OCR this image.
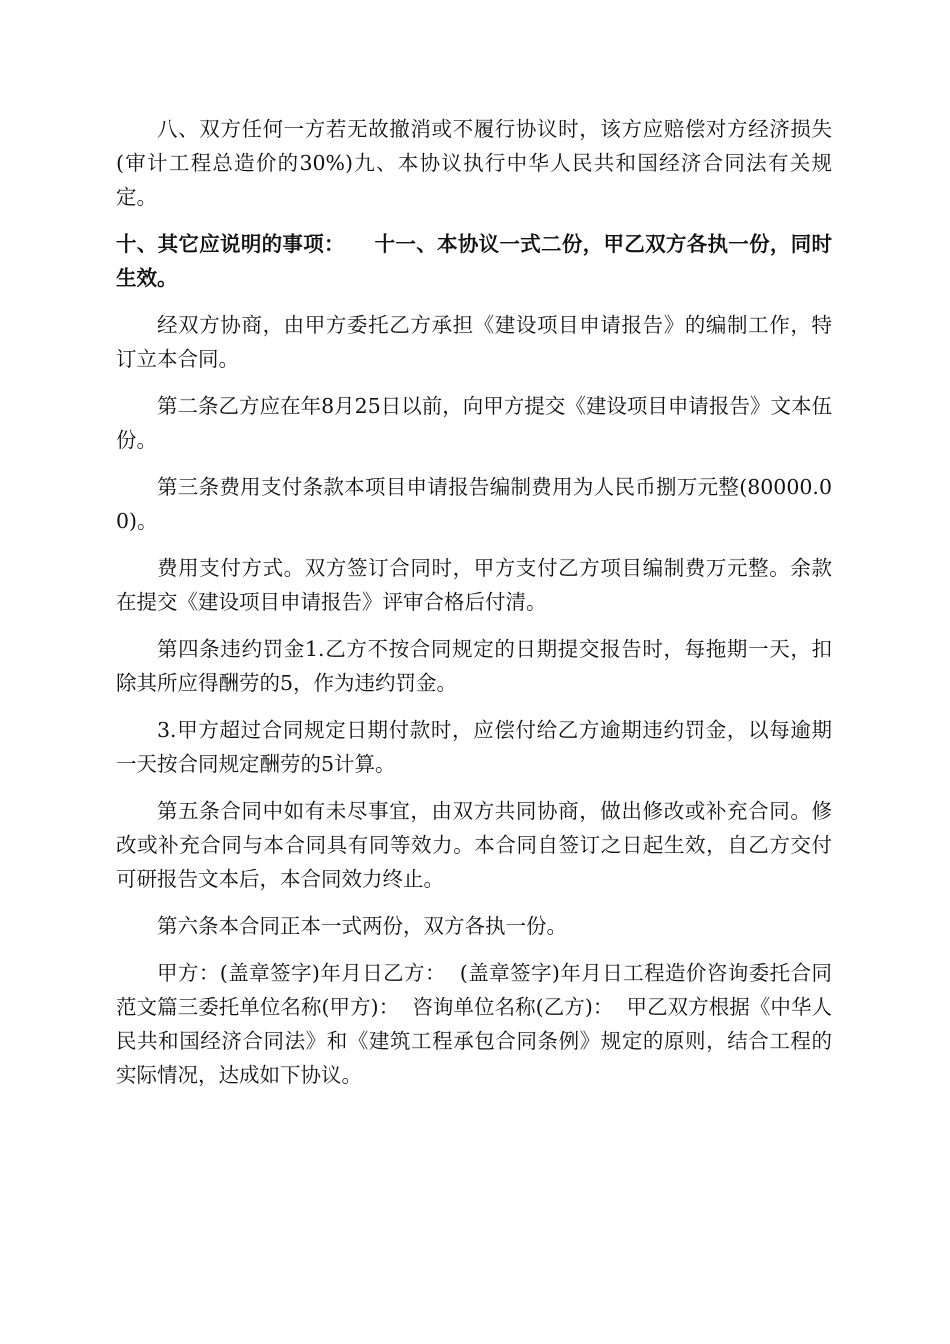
八、双方任何一方若无故撤消或不履行协议时，该方应赔偿对方经济损失(审计工程总造价的30%)九、本协议执行中华人民共和国经济合同法有关规定。

十、其它应说明的事项：    十一、本协议一式二份，甲乙双方各执一份，同时生效。

经双方协商，由甲方委托乙方承担《建设项目申请报告》的编制工作，特订立本合同。

第二条乙方应在年8月25日以前，向甲方提交《建设项目申请报告》文本伍份。

第三条费用支付条款本项目申请报告编制费用为人民币捌万元整(80000.00)。

费用支付方式。双方签订合同时，甲方支付乙方项目编制费万元整。余款在提交《建设项目申请报告》评审合格后付清。

第四条违约罚金1.乙方不按合同规定的日期提交报告时，每拖期一天，扣除其所应得酬劳的5，作为违约罚金。

3.甲方超过合同规定日期付款时，应偿付给乙方逾期违约罚金，以每逾期一天按合同规定酬劳的5计算。

第五条合同中如有未尽事宜，由双方共同协商，做出修改或补充合同。修改或补充合同与本合同具有同等效力。本合同自签订之日起生效，自乙方交付可研报告文本后，本合同效力终止。

第六条本合同正本一式两份，双方各执一份。

甲方：(盖章签字)年月日乙方：  (盖章签字)年月日工程造价咨询委托合同范文篇三委托单位名称(甲方)：  咨询单位名称(乙方)：  甲乙双方根据《中华人民共和国经济合同法》和《建筑工程承包合同条例》规定的原则，结合工程的实际情况，达成如下协议。
